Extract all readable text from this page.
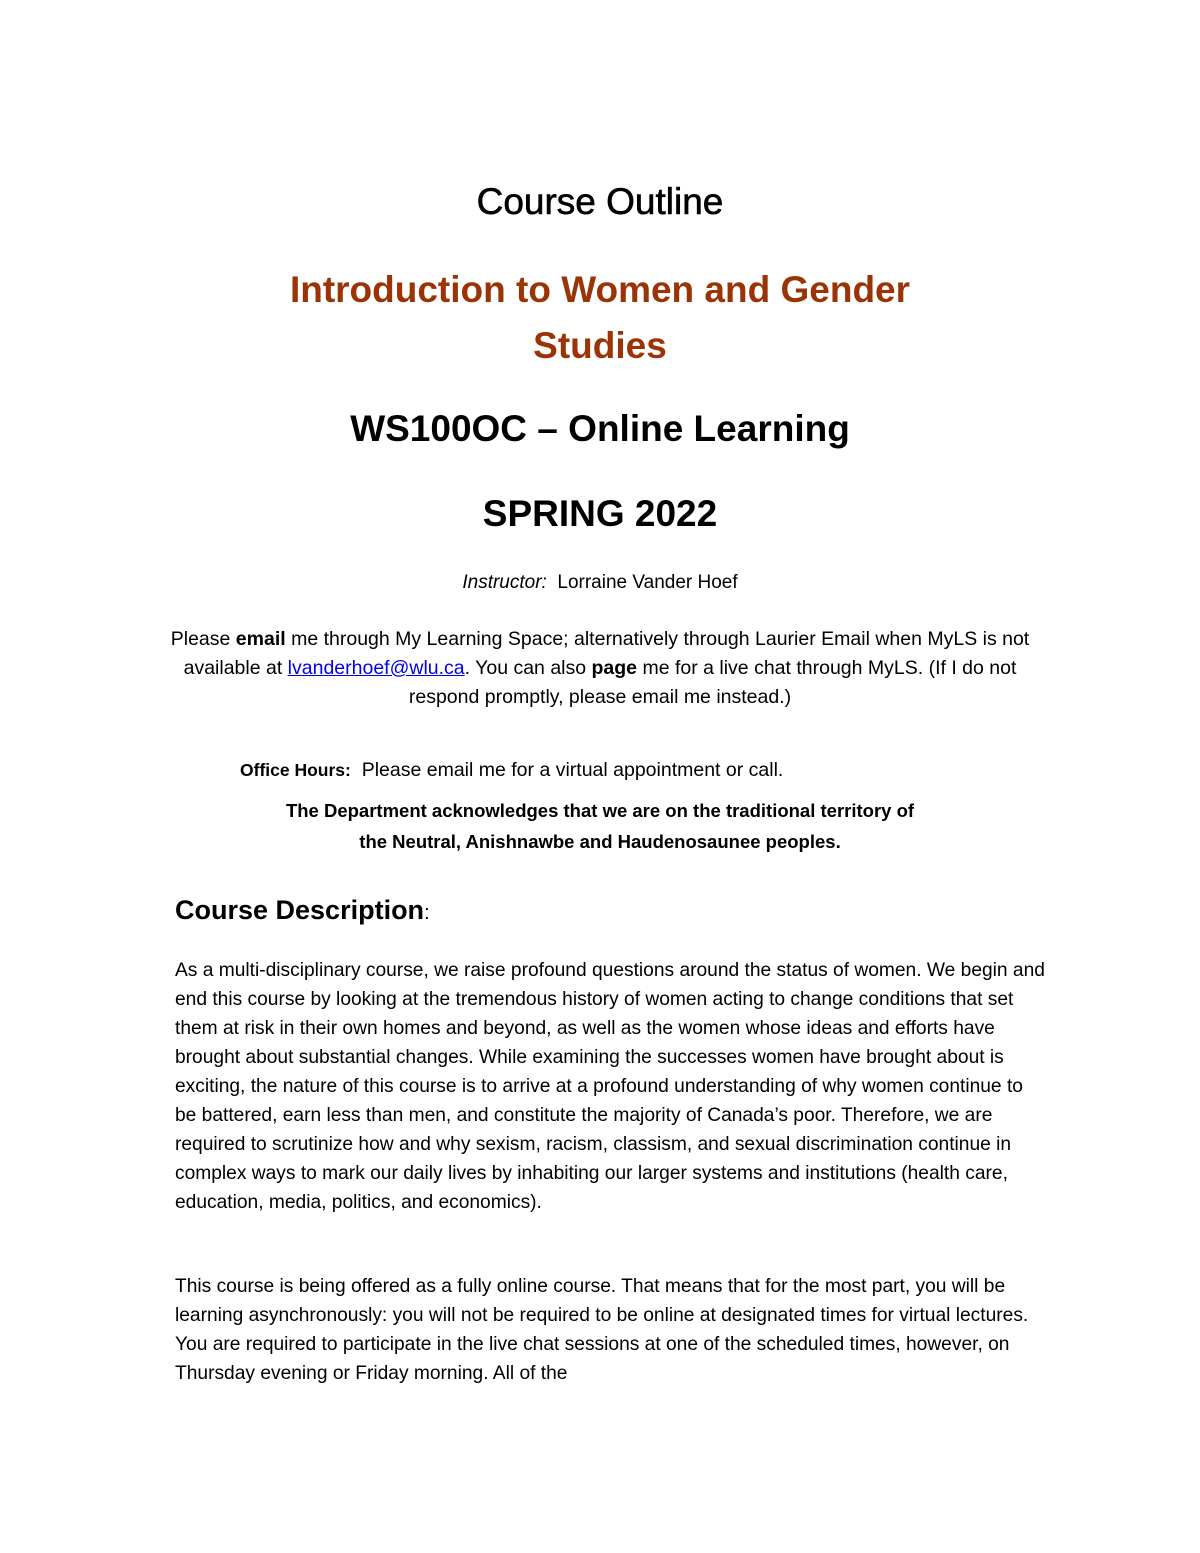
Course Outline
Introduction to Women and Gender Studies
WS100OC – Online Learning
SPRING 2022

Instructor: Lorraine Vander Hoef

Please email me through My Learning Space; alternatively through Laurier Email when MyLS is not available at lvanderhoef@wlu.ca. You can also page me for a live chat through MyLS. (If I do not respond promptly, please email me instead.)

Office Hours: Please email me for a virtual appointment or call.

The Department acknowledges that we are on the traditional territory of
the Neutral, Anishnawbe and Haudenosaunee peoples.

Course Description:

As a multi-disciplinary course, we raise profound questions around the status of women. We begin and end this course by looking at the tremendous history of women acting to change conditions that set them at risk in their own homes and beyond, as well as the women whose ideas and efforts have brought about substantial changes. While examining the successes women have brought about is exciting, the nature of this course is to arrive at a profound understanding of why women continue to be battered, earn less than men, and constitute the majority of Canada’s poor. Therefore, we are required to scrutinize how and why sexism, racism, classism, and sexual discrimination continue in complex ways to mark our daily lives by inhabiting our larger systems and institutions (health care, education, media, politics, and economics).

This course is being offered as a fully online course. That means that for the most part, you will be learning asynchronously: you will not be required to be online at designated times for virtual lectures. You are required to participate in the live chat sessions at one of the scheduled times, however, on Thursday evening or Friday morning. All of the
